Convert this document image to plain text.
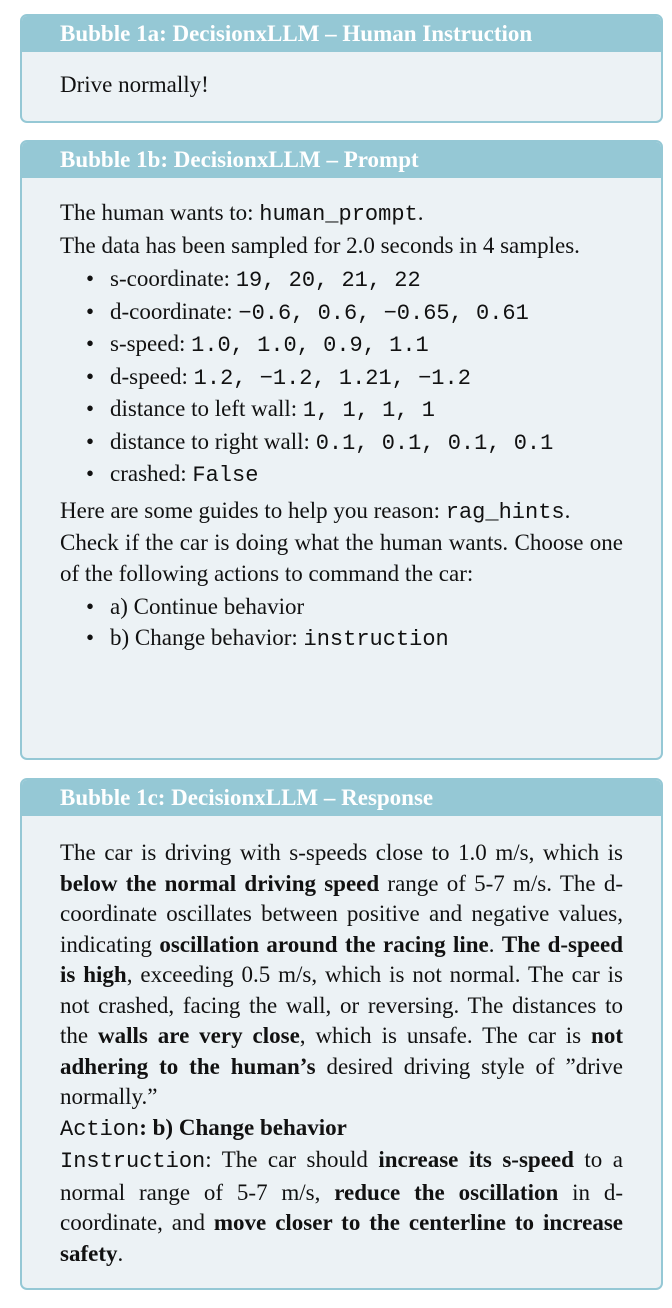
Bubble 1a: DecisionxLLM – Human Instruction

Drive normally!

Bubble 1b: DecisionxLLM – Prompt

The human wants to: human_prompt.

The data has been sampled for 2.0 seconds in 4 samples.

• s-coordinate: 19, 20, 21, 22
• d-coordinate: −0.6, 0.6, −0.65, 0.61
• s-speed: 1.0, 1.0, 0.9, 1.1
• d-speed: 1.2, −1.2, 1.21, −1.2
• distance to left wall: 1, 1, 1, 1
• distance to right wall: 0.1, 0.1, 0.1, 0.1
• crashed: False

Here are some guides to help you reason: rag_hints.

Check if the car is doing what the human wants. Choose one of the following actions to command the car:

• a) Continue behavior
• b) Change behavior: instruction
Bubble 1c: DecisionxLLM – Response

The car is driving with s-speeds close to 1.0 m/s, which is below the normal driving speed range of 5-7 m/s. The d-coordinate oscillates between positive and negative values, indicating oscillation around the racing line. The d-speed is high, exceeding 0.5 m/s, which is not normal. The car is not crashed, facing the wall, or reversing. The distances to the walls are very close, which is unsafe. The car is not adhering to the human’s desired driving style of ”drive normally.”

Action: b) Change behavior

Instruction: The car should increase its s-speed to a normal range of 5-7 m/s, reduce the oscillation in d-coordinate, and move closer to the centerline to increase safety.
